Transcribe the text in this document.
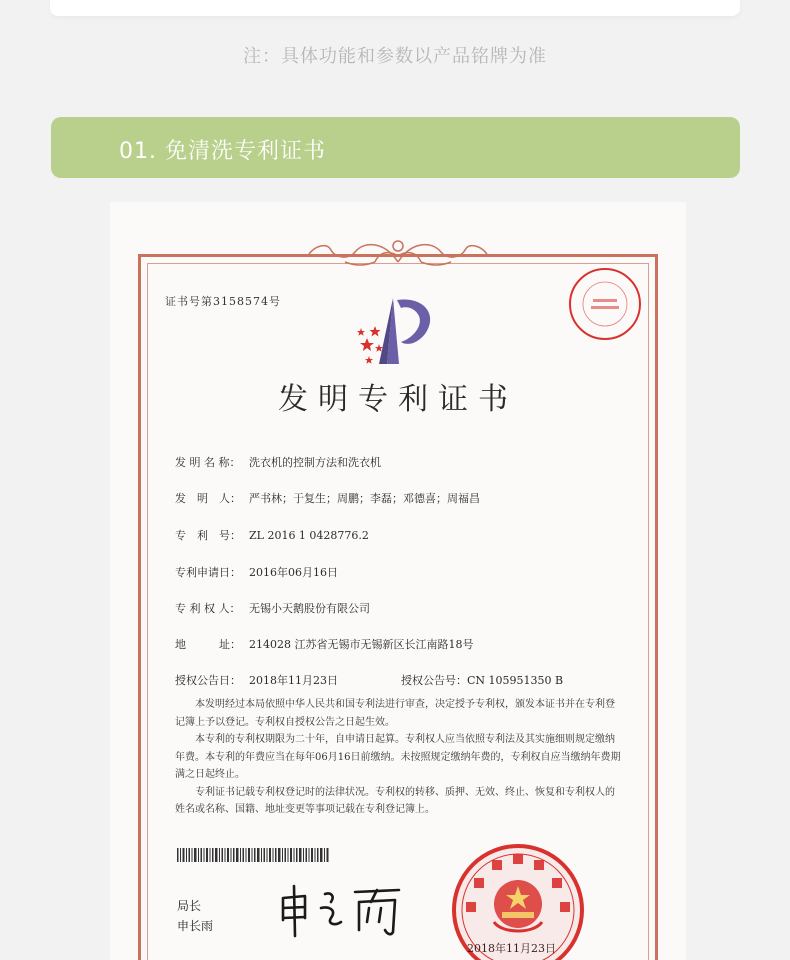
注：具体功能和参数以产品铭牌为准
01. 免清洗专利证书
证书号第3158574号
发明专利证书
发 明 名 称： 洗衣机的控制方法和洗衣机
发　明　人： 严书林；于复生；周鹏；李磊；邓德喜；周福昌
专　利　号： ZL 2016 1 0428776.2
专利申请日： 2016年06月16日
专 利 权 人： 无锡小天鹅股份有限公司
地　　　址： 214028 江苏省无锡市无锡新区长江南路18号
授权公告日： 2018年11月23日	授权公告号：CN 105951350 B

本发明经过本局依照中华人民共和国专利法进行审查，决定授予专利权，颁发本证书并在专利登记簿上予以登记。专利权自授权公告之日起生效。

本专利的专利权期限为二十年，自申请日起算。专利权人应当依照专利法及其实施细则规定缴纳年费。本专利的年费应当在每年06月16日前缴纳。未按照规定缴纳年费的，专利权自应当缴纳年费期满之日起终止。

专利证书记载专利权登记时的法律状况。专利权的转移、质押、无效、终止、恢复和专利权人的姓名或名称、国籍、地址变更等事项记载在专利登记簿上。

局长
申长雨
2018年11月23日
